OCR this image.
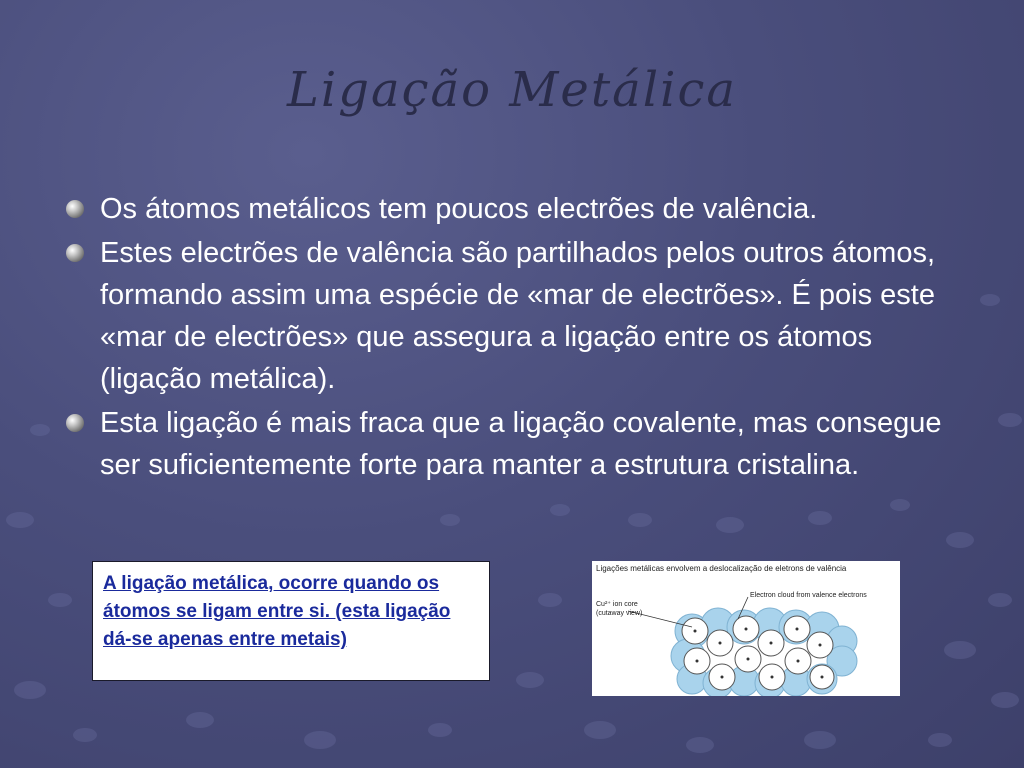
Ligação Metálica
Os átomos metálicos tem poucos electrões de valência.
Estes electrões de valência são partilhados pelos outros átomos, formando assim uma espécie de «mar de electrões». É pois este «mar de electrões» que assegura a ligação entre os átomos (ligação metálica).
Esta ligação é mais fraca que a ligação covalente, mas consegue ser suficientemente forte para manter a estrutura cristalina.
A ligação metálica, ocorre quando os átomos se ligam entre si. (esta ligação dá-se apenas entre metais)
Ligações metálicas envolvem a deslocalização de eletrons de valência
Cu²⁺ ion core
(cutaway view)
Electron cloud from valence electrons
